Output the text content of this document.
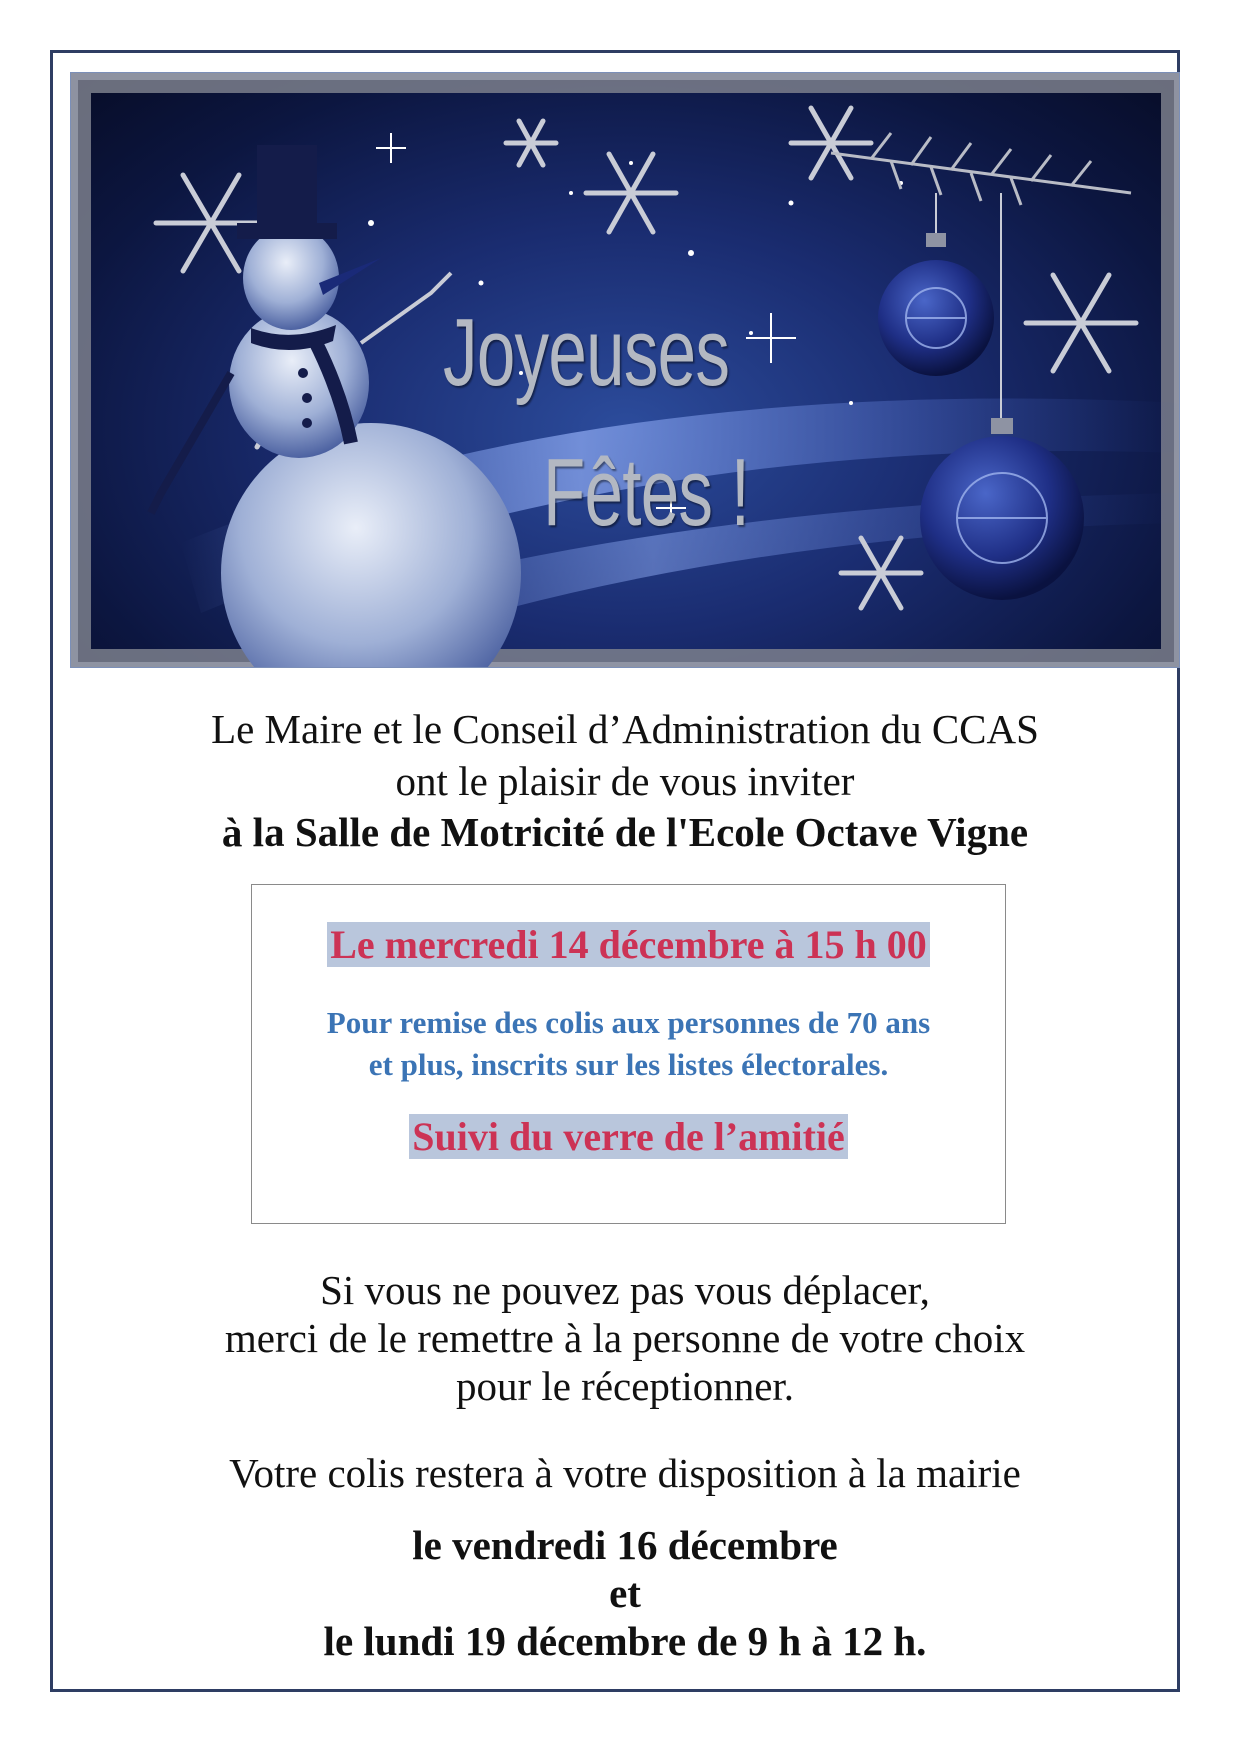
Joyeuses
Fêtes !
Le Maire et le Conseil d’Administration du CCAS
ont le plaisir de vous inviter
à la Salle de Motricité de l'Ecole Octave Vigne
Le mercredi 14 décembre à 15 h 00
Pour remise des colis aux personnes de 70 ans
et plus, inscrits sur les listes électorales.
Suivi du verre de l’amitié
Si vous ne pouvez pas vous déplacer,
merci de le remettre à la personne de votre choix
pour le réceptionner.
Votre colis restera à votre disposition à la mairie
le vendredi 16 décembre
et
le lundi 19 décembre de 9 h à 12 h.
